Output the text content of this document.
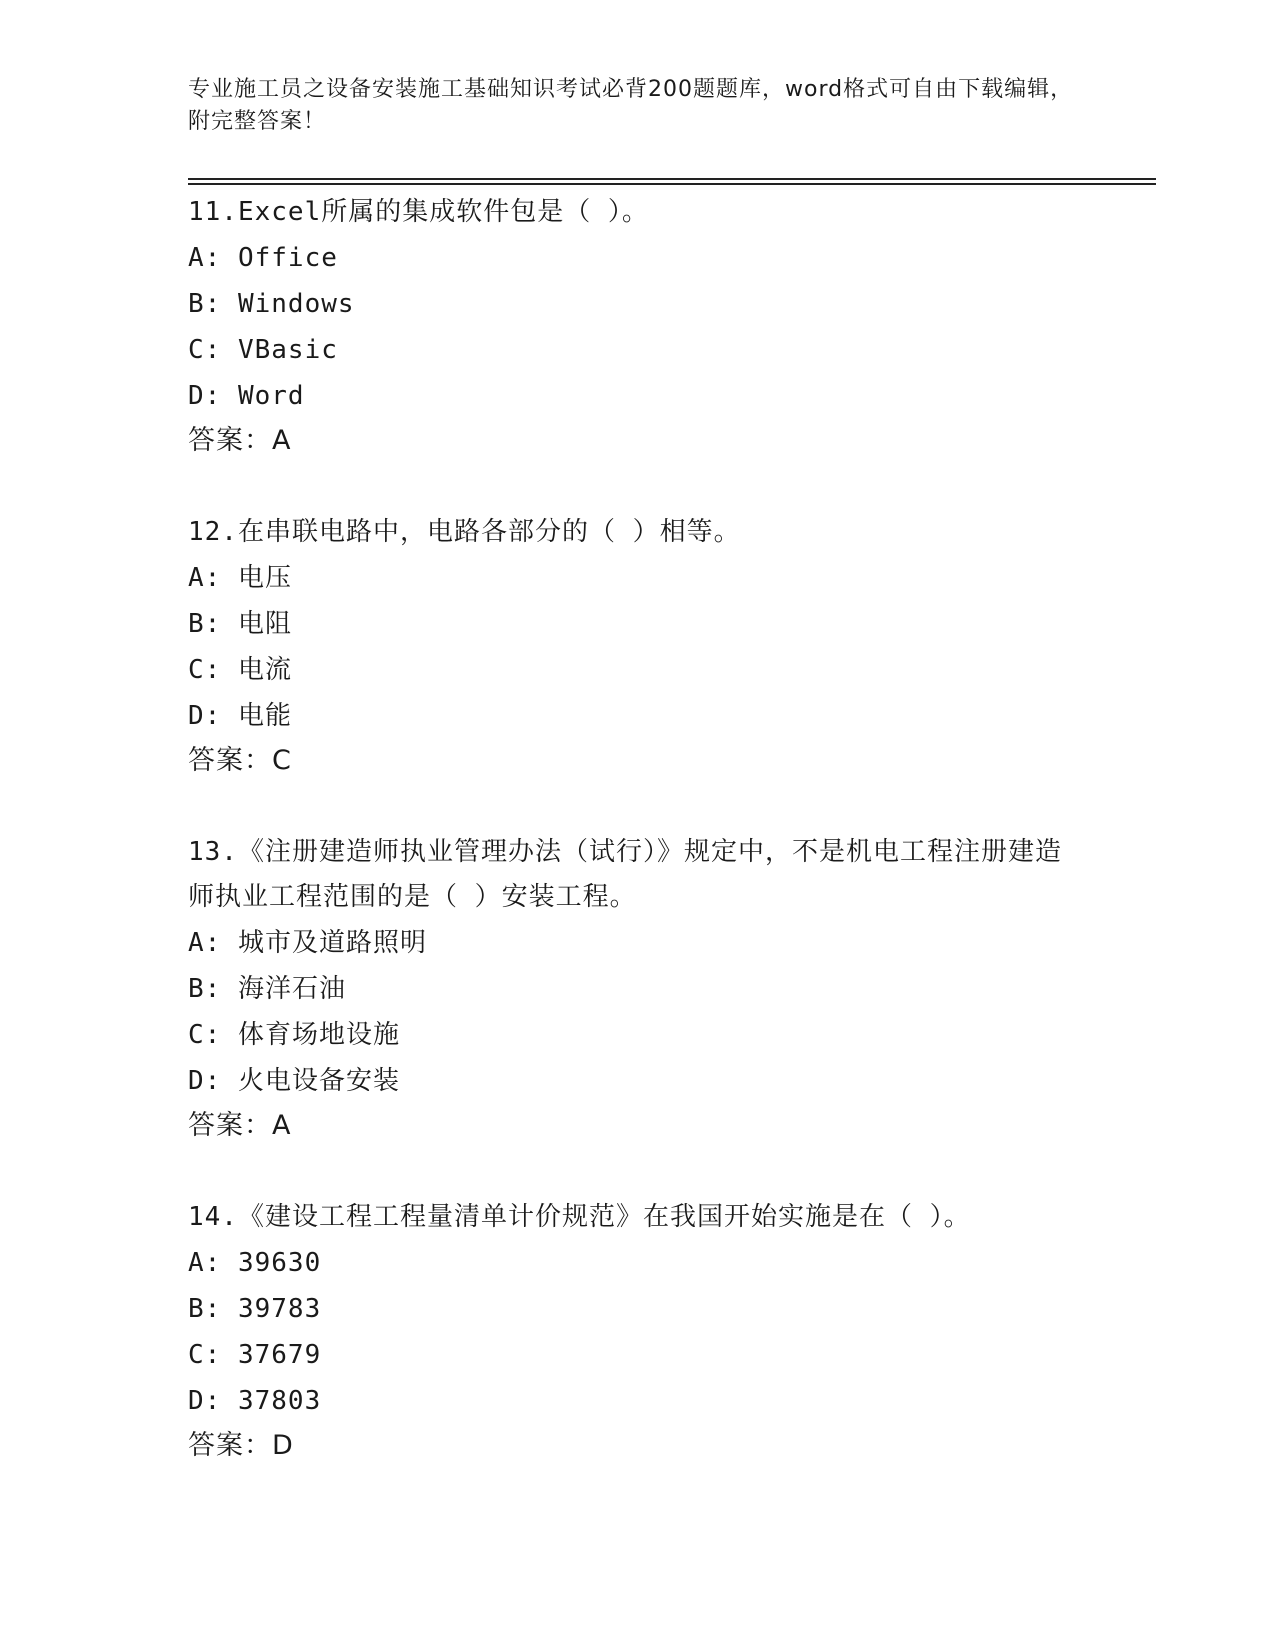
专业施工员之设备安装施工基础知识考试必背200题题库，word格式可自由下载编辑，附完整答案！

11.Excel所属的集成软件包是（ ）。

A: Office

B: Windows

C: VBasic

D: Word

答案：A

12.在串联电路中，电路各部分的（ ）相等。

A: 电压

B: 电阻

C: 电流

D: 电能

答案：C

13.《注册建造师执业管理办法（试行）》规定中，不是机电工程注册建造师执业工程范围的是（ ）安装工程。

A: 城市及道路照明

B: 海洋石油

C: 体育场地设施

D: 火电设备安装

答案：A

14.《建设工程工程量清单计价规范》在我国开始实施是在（ ）。

A: 39630

B: 39783

C: 37679

D: 37803

答案：D
